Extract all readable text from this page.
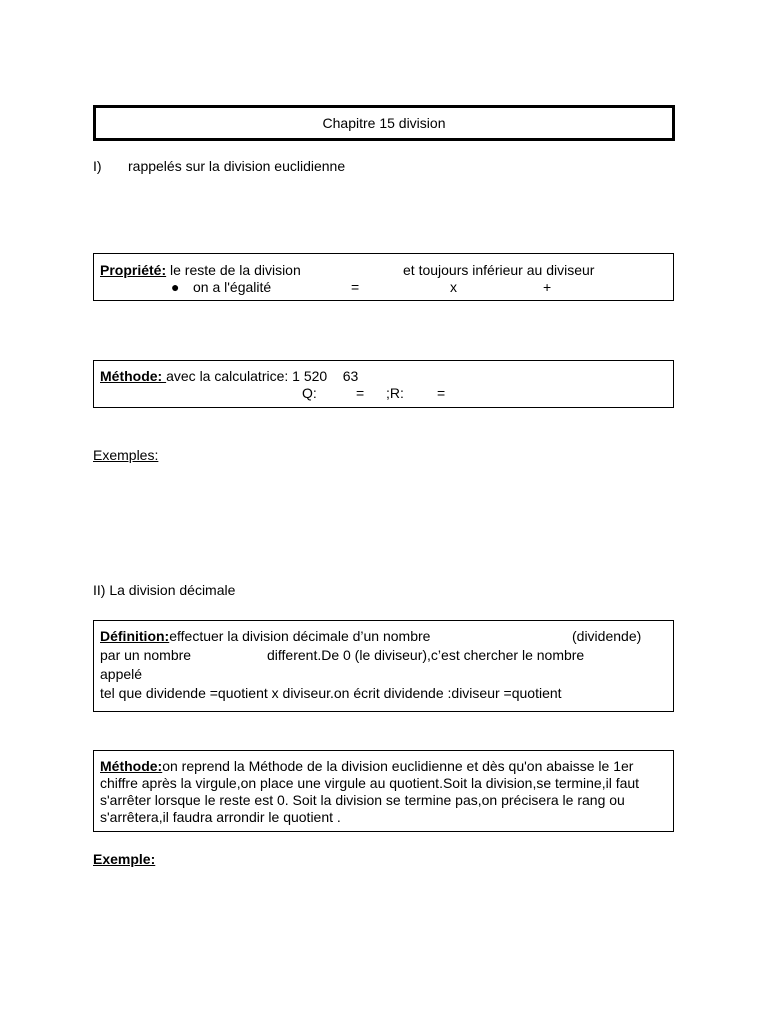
Chapitre 15 division
I) rappelés sur la division euclidienne
Propriété: le reste de la division	et toujours inférieur au diviseur
● on a l'égalité	=	x	+
Méthode: avec la calculatrice: 1 520    63
Q:	= ;R: =
Exemples:
II) La division décimale
Définition:effectuer la division décimale d’un nombre	(dividende)
par un nombre	different.De 0 (le diviseur),c’est chercher le nombre
appelé
tel que dividende =quotient x diviseur.on écrit dividende :diviseur =quotient
Méthode:on reprend la Méthode de la division euclidienne et dès qu'on abaisse le 1er chiffre après la virgule,on place une virgule au quotient.Soit la division,se termine,il faut s'arrêter lorsque le reste est 0. Soit la division se termine pas,on précisera le rang ou s'arrêtera,il faudra arrondir le quotient .
Exemple:
